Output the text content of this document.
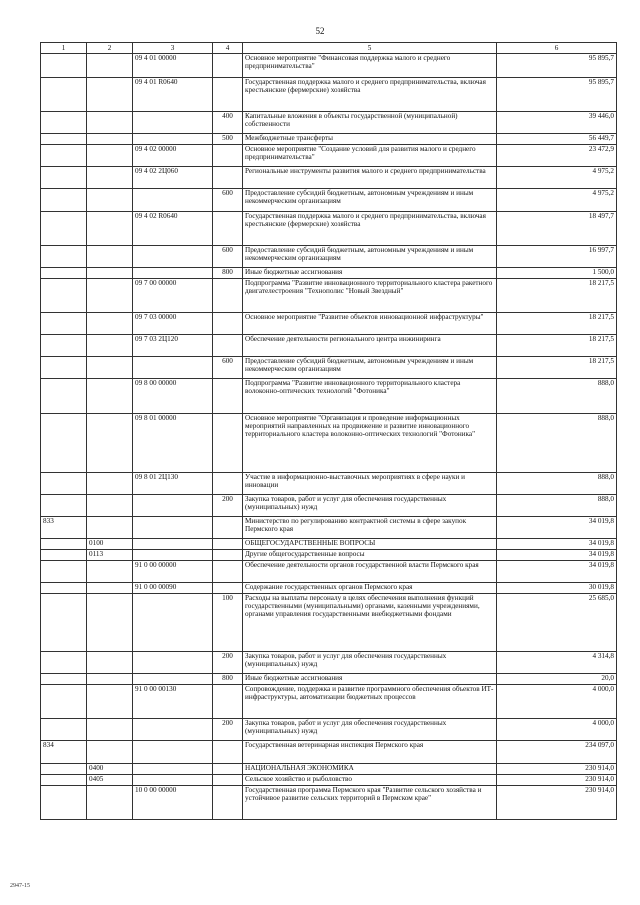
52
1	2	3	4	5	6
		09 4 01 00000		Основное мероприятие "Финансовая поддержка малого и среднего предпринимательства"	95 895,7
		09 4 01 R0640		Государственная поддержка малого и среднего предпринимательства, включая крестьянские (фермерские) хозяйства	95 895,7
			400	Капитальные вложения в объекты государственной (муниципальной) собственности	39 446,0
			500	Межбюджетные трансферты	56 449,7
		09 4 02 00000		Основное мероприятие "Создание условий для развития малого и среднего предпринимательства"	23 472,9
		09 4 02 2Ц060		Региональные инструменты развития малого и среднего предпринимательства	4 975,2
			600	Предоставление субсидий бюджетным, автономным учреждениям и иным некоммерческим организациям	4 975,2
		09 4 02 R0640		Государственная поддержка малого и среднего предпринимательства, включая крестьянские (фермерские) хозяйства	18 497,7
			600	Предоставление субсидий бюджетным, автономным учреждениям и иным некоммерческим организациям	16 997,7
			800	Иные бюджетные ассигнования	1 500,0
		09 7 00 00000		Подпрограмма "Развитие инновационного территориального кластера ракетного двигателестроения "Технополис "Новый Звездный"	18 217,5
		09 7 03 00000		Основное мероприятие "Развитие объектов инновационной инфраструктуры"	18 217,5
		09 7 03 2Ц120		Обеспечение деятельности регионального центра инжиниринга	18 217,5
			600	Предоставление субсидий бюджетным, автономным учреждениям и иным некоммерческим организациям	18 217,5
		09 8 00 00000		Подпрограмма "Развитие инновационного территориального кластера волоконно-оптических технологий "Фотоника"	888,0
		09 8 01 00000		Основное мероприятие "Организация и проведение информационных мероприятий направленных на продвижение и развитие инновационного территориального кластера волоконно-оптических технологий "Фотоника"	888,0
		09 8 01 2Ц130		Участие в информационно-выставочных мероприятиях в сфере науки и инновации	888,0
			200	Закупка товаров, работ и услуг для обеспечения государственных (муниципальных) нужд	888,0
833				Министерство по регулированию контрактной системы в сфере закупок Пермского края	34 019,8
	0100			ОБЩЕГОСУДАРСТВЕННЫЕ ВОПРОСЫ	34 019,8
	0113			Другие общегосударственные вопросы	34 019,8
		91 0 00 00000		Обеспечение деятельности органов государственной власти Пермского края	34 019,8
		91 0 00 00090		Содержание государственных органов Пермского края	30 019,8
			100	Расходы на выплаты персоналу в целях обеспечения выполнения функций государственными (муниципальными) органами, казенными учреждениями, органами управления государственными внебюджетными фондами	25 685,0
			200	Закупка товаров, работ и услуг для обеспечения государственных (муниципальных) нужд	4 314,8
			800	Иные бюджетные ассигнования	20,0
		91 0 00 00130		Сопровождение, поддержка и развитие программного обеспечения объектов ИТ-инфраструктуры, автоматизации бюджетных процессов	4 000,0
			200	Закупка товаров, работ и услуг для обеспечения государственных (муниципальных) нужд	4 000,0
834				Государственная ветеринарная инспекция Пермского края	234 097,0
	0400			НАЦИОНАЛЬНАЯ ЭКОНОМИКА	230 914,0
	0405			Сельское хозяйство и рыболовство	230 914,0
		10 0 00 00000		Государственная программа Пермского края "Развитие сельского хозяйства и устойчивое развитие сельских территорий в Пермском крае"	230 914,0
2947-15
